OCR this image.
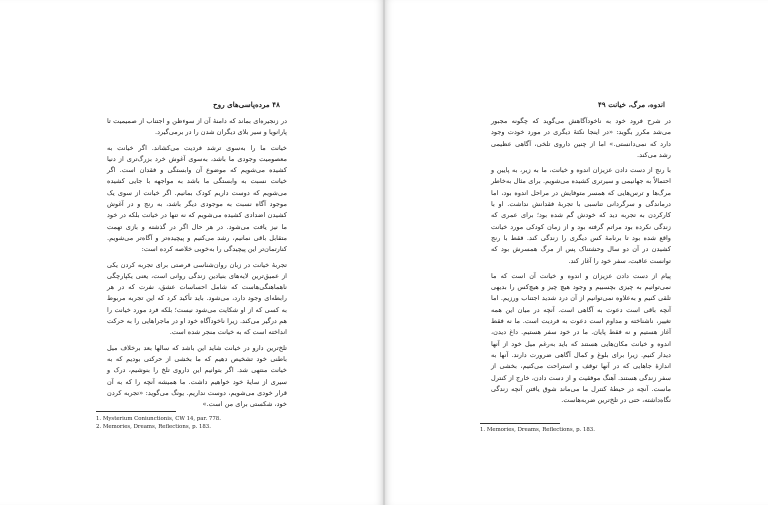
۴۸ مرده‌پاسی‌های روح

در زنجیره‌ای بماند که دامنهٔ آن از سوءظن و اجتناب از صمیمیت تا پارانویا و سیر بلای دیگران شدن را در برمی‌گیرد.

خیانت ما را به‌سوی ترشد فردیت می‌کشاند. اگر خیانت به معصومیت وجودی ما باشد، به‌سوی آغوش خرد بزرگ‌تری از دنیا کشیده می‌شویم که موضوع آن وابستگی و فقدان است. اگر خیانت نسبت به وابستگی ما باشد به مواجهه با جایی کشیده می‌شویم که دوست داریم کودک بمانیم. اگر خیانت از سوی یک موجود آگاه نسبت به موجودی دیگر باشد، به رنج و در آغوش کشیدن اضدادی کشیده می‌شویم که نه تنها در خیانت بلکه در خود ما نیز یافت می‌شود. در هر حال اگر در گذشته و بازی تهمت متقابل باقی نمانیم، رشد می‌کنیم و پیچیده‌تر و آگاه‌تر می‌شویم. کنارتمان‌تر این پیچیدگی را به‌خوبی خلاصه کرده است:

تجربهٔ خیانت در زبان روان‌شناسی فرصتی برای تجربه کردن یکی از عمیق‌ترین لایه‌های بنیادین زندگی روانی است، یعنی یکپارچگی ناهماهنگی‌هاست که شامل احساسات عشق، نفرت که در هر رابطه‌ای وجود دارد، می‌شود. باید تأکید کرد که این تجربه مربوط به کسی که از او شکایت می‌شود نیست؛ بلکه فرد مورد خیانت را هم درگیر می‌کند. زیرا ناخودآگاه خود او در ماجراهایی را به حرکت انداخته است که به خیانت منجر شده است.

تلخ‌ترین دارو در خیانت شاید این باشد که سالها بعد برخلاف میل باطنی خود تشخیص دهیم که ما بخشی از حرکتی بودیم که به خیانت منتهی شد. اگر بتوانیم این داروی تلخ را بنوشیم، درک و سیری از سایهٔ خود خواهیم داشت. ما همیشه آنچه را که به آن قرار خودی می‌شویم، دوست نداریم. یونگ می‌گوید: «تجربه کردن خود، شکستی برای من است.»

1. Mysterium Coniunctionis, CW 14, par. 778.
2. Memories, Dreams, Reflections, p. 183.
اندوه، مرگ، خیانت ۴۹

در شرح فرود خود به ناخودآگاهش می‌گوید که چگونه مجبور می‌شد مکرر بگوید: «در اینجا نکتهٔ دیگری در مورد خودت وجود دارد که نمی‌دانستی.» اما از چنین داروی تلخی، آگاهی عظیمی رشد می‌کند.

با رنج از دست دادن عزیزان اندوه و خیانت، ما به زیر، به پایین و احتمالاً به جهانیمی و سیرتری کشیده می‌شویم. برای مثال به‌خاطر مرگ‌ها و ترس‌هایی که همسر متوفایش در مراحل اندوه بود، اما درماندگی و سرگردانی تناسبی با تجربهٔ فقدانش نداشت. او با کارکردن به تجربه دید که خودش گم شده بود؛ برای عمری که زندگی نکرده بود مراتم گرفته بود و از زمان کودکی مورد خیانت واقع شده بود تا برنامهٔ کس دیگری را زندگی کند. فقط با رنج کشیدن در آن دو سال وحشتناک پس از مرگ همسرش بود که توانست عاقبت، سفر خود را آغاز کند.

پیام از دست دادن عزیزان و اندوه و خیانت آن است که ما نمی‌توانیم به چیزی بچسبیم و وجود هیچ چیز و هیچ‌کس را بدیهی تلقی کنیم و به‌علاوه نمی‌توانیم از آن درد شدید اجتناب ورزیم. اما آنچه باقی است دعوت به آگاهی است. آنچه در میان این همه تغییر، ناشناخته و مداوم است دعوت به فردیت است. ما نه فقط آغاز هستیم و نه فقط پایان. ما در خود سفر هستیم. داغ دیدن، اندوه و خیانت مکان‌هایی هستند که باید به‌رغم میل خود از آنها دیدار کنیم. زیرا برای بلوغ و کمال آگاهی ضرورت دارند. آنها به اندازهٔ جاهایی که در آنها توقف و استراحت می‌کنیم، بخشی از سفر زندگی هستند. آهنگ موفقیت و از دست دادن، خارج از کنترل ماست. آنچه در حیطهٔ کنترل ما می‌ماند شوق یافتن آنچه زندگی نگاه‌داشته، حتی در تلخ‌ترین ضربه‌هاست.

1. Memories, Dreams, Reflections, p. 183.
